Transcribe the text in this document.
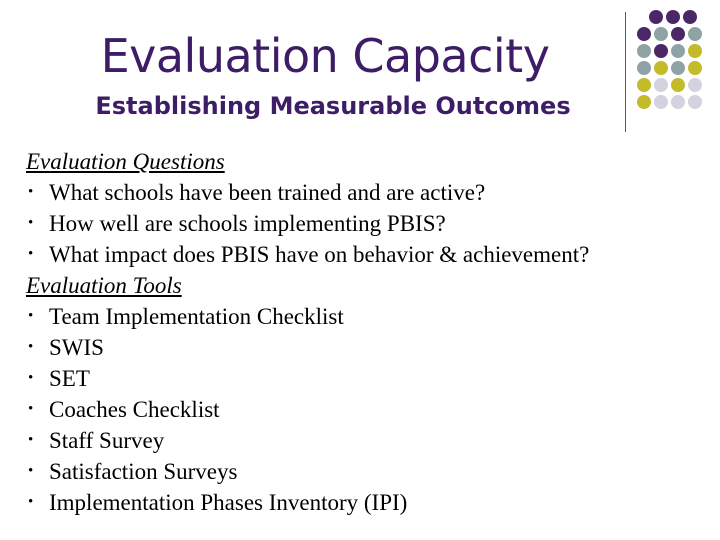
Evaluation Capacity
Establishing Measurable Outcomes
Evaluation Questions
• What schools have been trained and are active?
• How well are schools implementing PBIS?
• What impact does PBIS have on behavior & achievement?
Evaluation Tools
• Team Implementation Checklist
• SWIS
• SET
• Coaches Checklist
• Staff Survey
• Satisfaction Surveys
• Implementation Phases Inventory (IPI)
